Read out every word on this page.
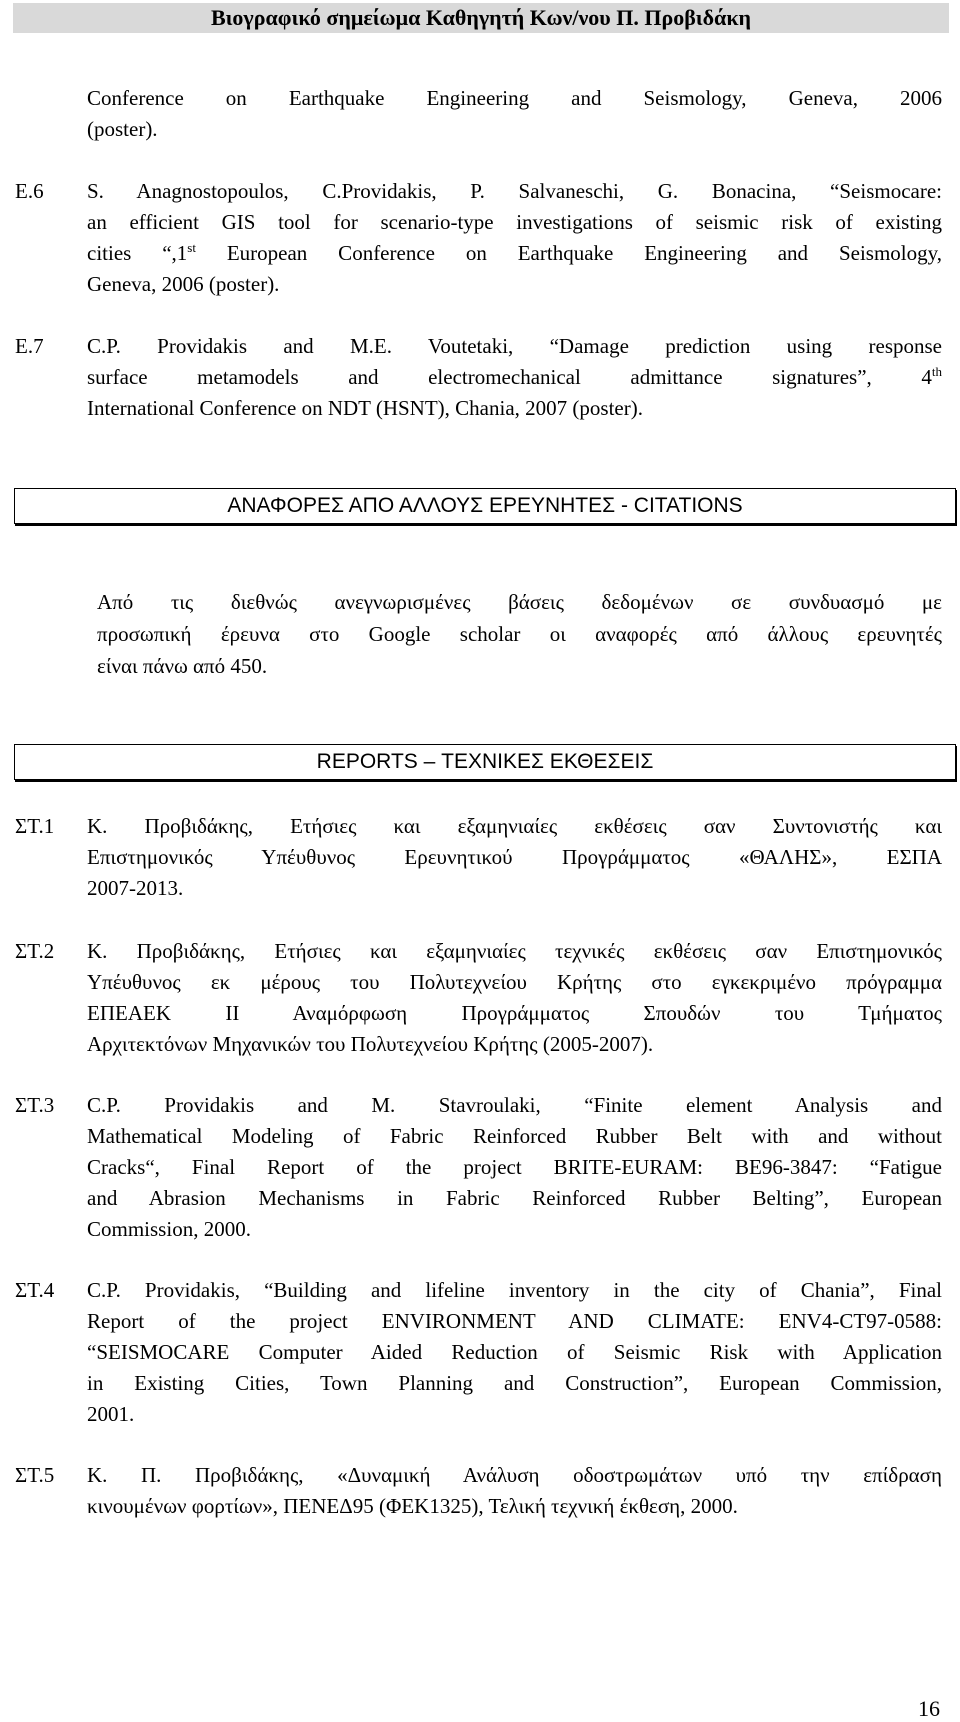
Βιογραφικό σημείωμα Καθηγητή Κων/νου Π. Προβιδάκη
Conference on Earthquake Engineering and Seismology, Geneva, 2006
(poster).
E.6 S. Anagnostopoulos, C.Providakis, P. Salvaneschi, G. Bonacina, “Seismocare:
an efficient GIS tool for scenario-type investigations of seismic risk of existing
cities “,1st European Conference on Earthquake Engineering and Seismology,
Geneva, 2006 (poster).
E.7 C.P. Providakis and M.E. Voutetaki, “Damage prediction using response
surface metamodels and electromechanical admittance signatures”, 4th
International Conference on NDT (HSNT), Chania, 2007 (poster).
ΑΝΑΦΟΡΕΣ ΑΠΟ ΑΛΛΟΥΣ ΕΡΕΥΝΗΤΕΣ - CITATIONS
Από τις διεθνώς ανεγνωρισμένες βάσεις δεδομένων σε συνδυασμό με
προσωπική έρευνα στο Google scholar οι αναφορές από άλλους ερευνητές
είναι πάνω από 450.
REPORTS – ΤΕΧΝΙΚΕΣ ΕΚΘΕΣΕΙΣ
ΣΤ.1 Κ. Προβιδάκης, Ετήσιες και εξαμηνιαίες εκθέσεις σαν Συντονιστής και
Επιστημονικός Υπέυθυνος Ερευνητικού Προγράμματος «ΘΑΛΗΣ», ΕΣΠΑ
2007-2013.
ΣΤ.2 Κ. Προβιδάκης, Ετήσιες και εξαμηνιαίες τεχνικές εκθέσεις σαν Επιστημονικός
Υπέυθυνος εκ μέρους του Πολυτεχνείου Κρήτης στο εγκεκριμένο πρόγραμμα
ΕΠΕΑΕΚ ΙΙ Αναμόρφωση Προγράμματος Σπουδών του Τμήματος
Αρχιτεκτόνων Μηχανικών του Πολυτεχνείου Κρήτης (2005-2007).
ΣΤ.3 C.P. Providakis and M. Stavroulaki, “Finite element Analysis and
Mathematical Modeling of Fabric Reinforced Rubber Belt with and without
Cracks“, Final Report of the project BRITE-EURAM: BE96-3847: “Fatigue
and Abrasion Mechanisms in Fabric Reinforced Rubber Belting”, European
Commission, 2000.
ΣΤ.4 C.P. Providakis, “Building and lifeline inventory in the city of Chania”, Final
Report of the project ENVIRONMENT AND CLIMATE: ENV4-CT97-0588:
“SEISMOCARE Computer Aided Reduction of Seismic Risk with Application
in Existing Cities, Town Planning and Construction”, European Commission,
2001.
ΣΤ.5 Κ. Π. Προβιδάκης, «Δυναμική Ανάλυση οδοστρωμάτων υπό την επίδραση
κινουμένων φορτίων», ΠΕΝΕΔ95 (ΦΕΚ1325), Τελική τεχνική έκθεση, 2000.
16
